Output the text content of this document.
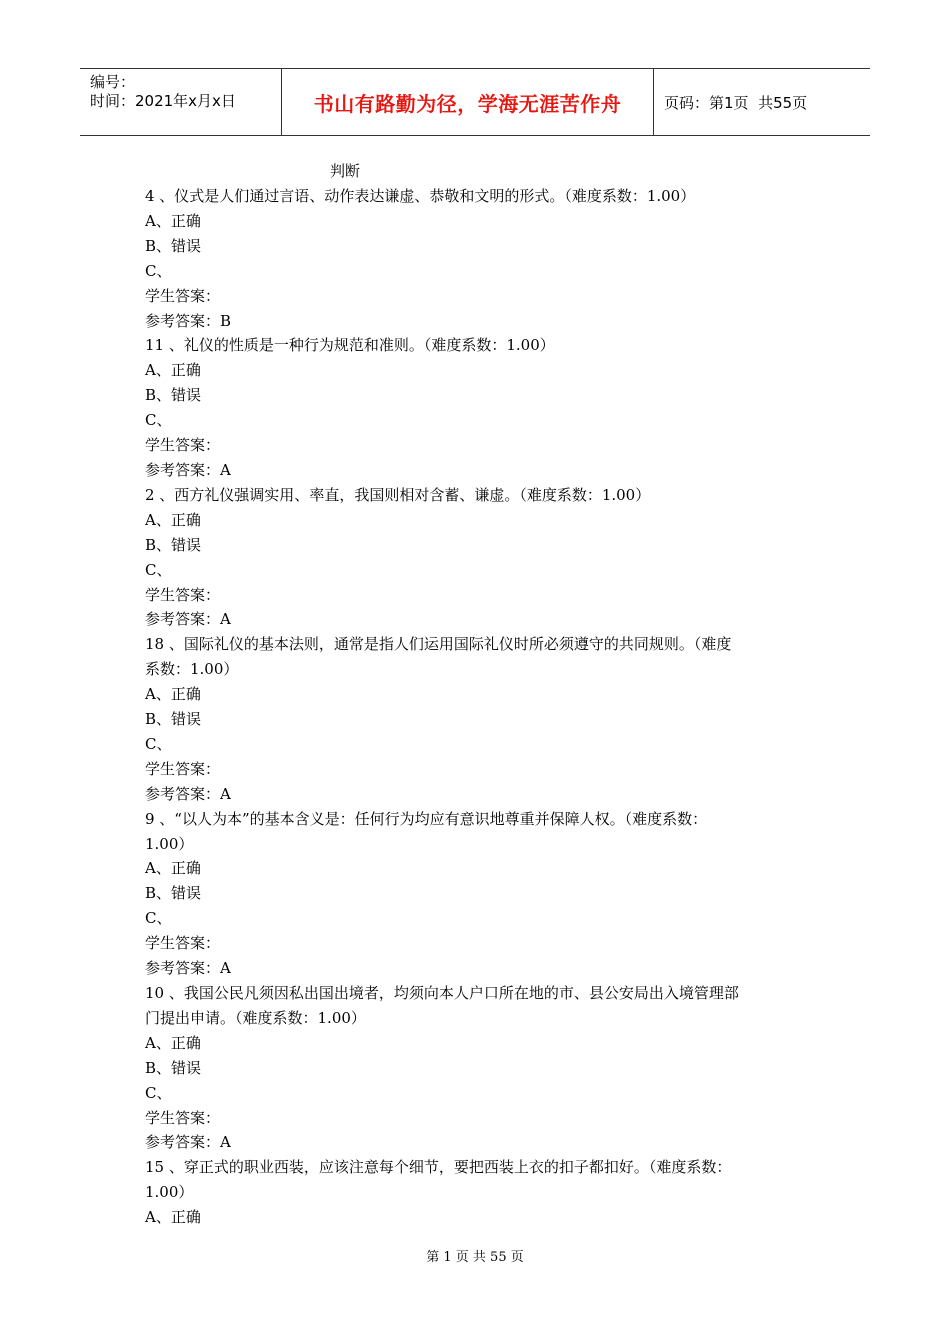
编号：
时间：2021年x月x日	书山有路勤为径，学海无涯苦作舟	页码：第1页  共55页
判断
4 、仪式是人们通过言语、动作表达谦虚、恭敬和文明的形式。（难度系数：1.00）
A、正确
B、错误
C、
学生答案：
参考答案：B
11 、礼仪的性质是一种行为规范和准则。（难度系数：1.00）
A、正确
B、错误
C、
学生答案：
参考答案：A
2 、西方礼仪强调实用、率直，我国则相对含蓄、谦虚。（难度系数：1.00）
A、正确
B、错误
C、
学生答案：
参考答案：A
18 、国际礼仪的基本法则，通常是指人们运用国际礼仪时所必须遵守的共同规则。（难度
系数：1.00）
A、正确
B、错误
C、
学生答案：
参考答案：A
9 、“以人为本”的基本含义是：任何行为均应有意识地尊重并保障人权。（难度系数：
1.00）
A、正确
B、错误
C、
学生答案：
参考答案：A
10 、我国公民凡须因私出国出境者，均须向本人户口所在地的市、县公安局出入境管理部
门提出申请。（难度系数：1.00）
A、正确
B、错误
C、
学生答案：
参考答案：A
15 、穿正式的职业西装，应该注意每个细节，要把西装上衣的扣子都扣好。（难度系数：
1.00）
A、正确
第 1 页 共 55 页
